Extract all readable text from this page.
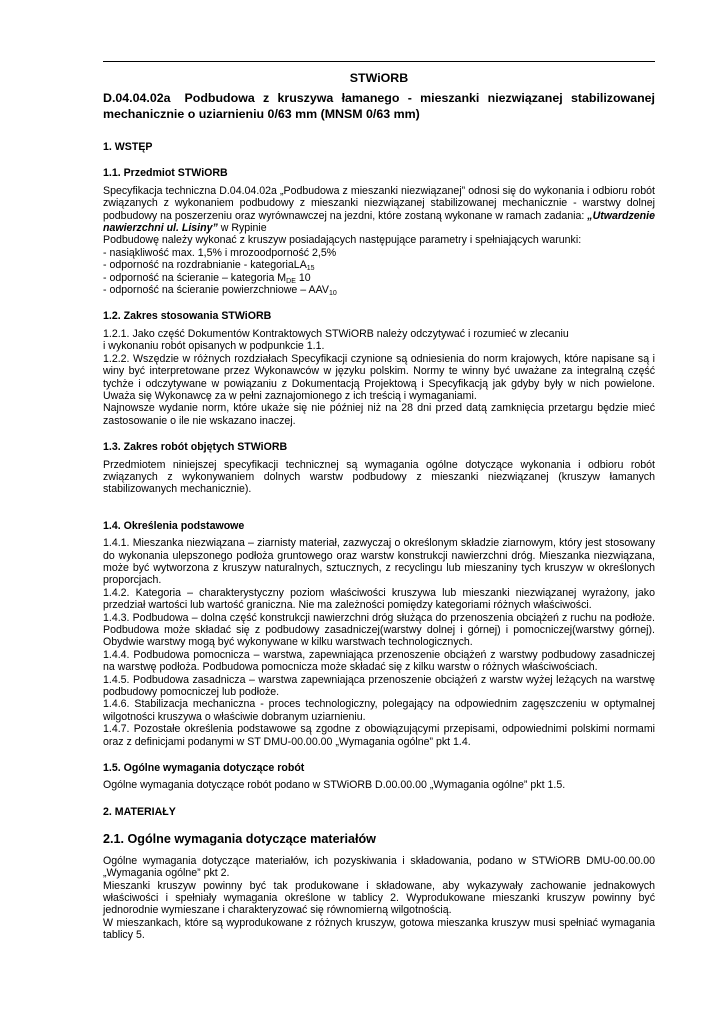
STWiORB
D.04.04.02a Podbudowa z kruszywa łamanego - mieszanki niezwiązanej stabilizowanej mechanicznie o uziarnieniu 0/63 mm (MNSM 0/63 mm)
1. WSTĘP
1.1. Przedmiot STWiORB

Specyfikacja techniczna D.04.04.02a „Podbudowa z mieszanki niezwiązanej” odnosi się do wykonania i odbioru robót związanych z wykonaniem podbudowy z mieszanki niezwiązanej stabilizowanej mechanicznie - warstwy dolnej podbudowy na poszerzeniu oraz wyrównawczej na jezdni, które zostaną wykonane w ramach zadania: „Utwardzenie nawierzchni ul. Lisiny” w Rypinie

Podbudowę należy wykonać z kruszyw posiadających następujące parametry i spełniających warunki:

- nasiąkliwość max. 1,5% i mrozoodporność 2,5%

- odporność na rozdrabnianie - kategoriaLA$_{15}$

- odporność na ścieranie – kategoria $M_{DE}$ 10

- odporność na ścieranie powierzchniowe – $AAV_{10}$

1.2. Zakres stosowania STWiORB

1.2.1. Jako część Dokumentów Kontraktowych STWiORB należy odczytywać i rozumieć w zlecaniu

i wykonaniu robót opisanych w podpunkcie 1.1.

1.2.2. Wszędzie w różnych rozdziałach Specyfikacji czynione są odniesienia do norm krajowych, które napisane są i winy być interpretowane przez Wykonawców w języku polskim. Normy te winny być uważane za integralną część tychże i odczytywane w powiązaniu z Dokumentacją Projektową i Specyfikacją jak gdyby były w nich powielone. Uważa się Wykonawcę za w pełni zaznajomionego z ich treścią i wymaganiami.

Najnowsze wydanie norm, które ukaże się nie później niż na 28 dni przed datą zamknięcia przetargu będzie mieć zastosowanie o ile nie wskazano inaczej.

1.3. Zakres robót objętych STWiORB

Przedmiotem niniejszej specyfikacji technicznej są wymagania ogólne dotyczące wykonania i odbioru robót związanych z wykonywaniem dolnych warstw podbudowy z mieszanki niezwiązanej (kruszyw łamanych stabilizowanych mechanicznie).

1.4. Określenia podstawowe

1.4.1. Mieszanka niezwiązana – ziarnisty materiał, zazwyczaj o określonym składzie ziarnowym, który jest stosowany do wykonania ulepszonego podłoża gruntowego oraz warstw konstrukcji nawierzchni dróg. Mieszanka niezwiązana, może być wytworzona z kruszyw naturalnych, sztucznych, z recyclingu lub mieszaniny tych kruszyw w określonych proporcjach.

1.4.2. Kategoria – charakterystyczny poziom właściwości kruszywa lub mieszanki niezwiązanej wyrażony, jako przedział wartości lub wartość graniczna. Nie ma zależności pomiędzy kategoriami różnych właściwości.

1.4.3. Podbudowa – dolna część konstrukcji nawierzchni dróg służąca do przenoszenia obciążeń z ruchu na podłoże. Podbudowa może składać się z podbudowy zasadniczej(warstwy dolnej i górnej) i pomocniczej(warstwy górnej). Obydwie warstwy mogą być wykonywane w kilku warstwach technologicznych.

1.4.4. Podbudowa pomocnicza – warstwa, zapewniająca przenoszenie obciążeń z warstwy podbudowy zasadniczej na warstwę podłoża. Podbudowa pomocnicza może składać się z kilku warstw o różnych właściwościach.

1.4.5. Podbudowa zasadnicza – warstwa zapewniająca przenoszenie obciążeń z warstw wyżej leżących na warstwę podbudowy pomocniczej lub podłoże.

1.4.6. Stabilizacja mechaniczna - proces technologiczny, polegający na odpowiednim zagęszczeniu w optymalnej wilgotności kruszywa o właściwie dobranym uziarnieniu.

1.4.7. Pozostałe określenia podstawowe są zgodne z obowiązującymi przepisami, odpowiednimi polskimi normami oraz z definicjami podanymi w ST DMU-00.00.00 „Wymagania ogólne” pkt 1.4.

1.5. Ogólne wymagania dotyczące robót

Ogólne wymagania dotyczące robót podano w STWiORB D.00.00.00 „Wymagania ogólne” pkt 1.5.

2. MATERIAŁY
2.1. Ogólne wymagania dotyczące materiałów

Ogólne wymagania dotyczące materiałów, ich pozyskiwania i składowania, podano w STWiORB DMU-00.00.00 „Wymagania ogólne” pkt 2.

Mieszanki kruszyw powinny być tak produkowane i składowane, aby wykazywały zachowanie jednakowych właściwości i spełniały wymagania określone w tablicy 2. Wyprodukowane mieszanki kruszyw powinny być jednorodnie wymieszane i charakteryzować się równomierną wilgotnością.

W mieszankach, które są wyprodukowane z różnych kruszyw, gotowa mieszanka kruszyw musi spełniać wymagania tablicy 5.
